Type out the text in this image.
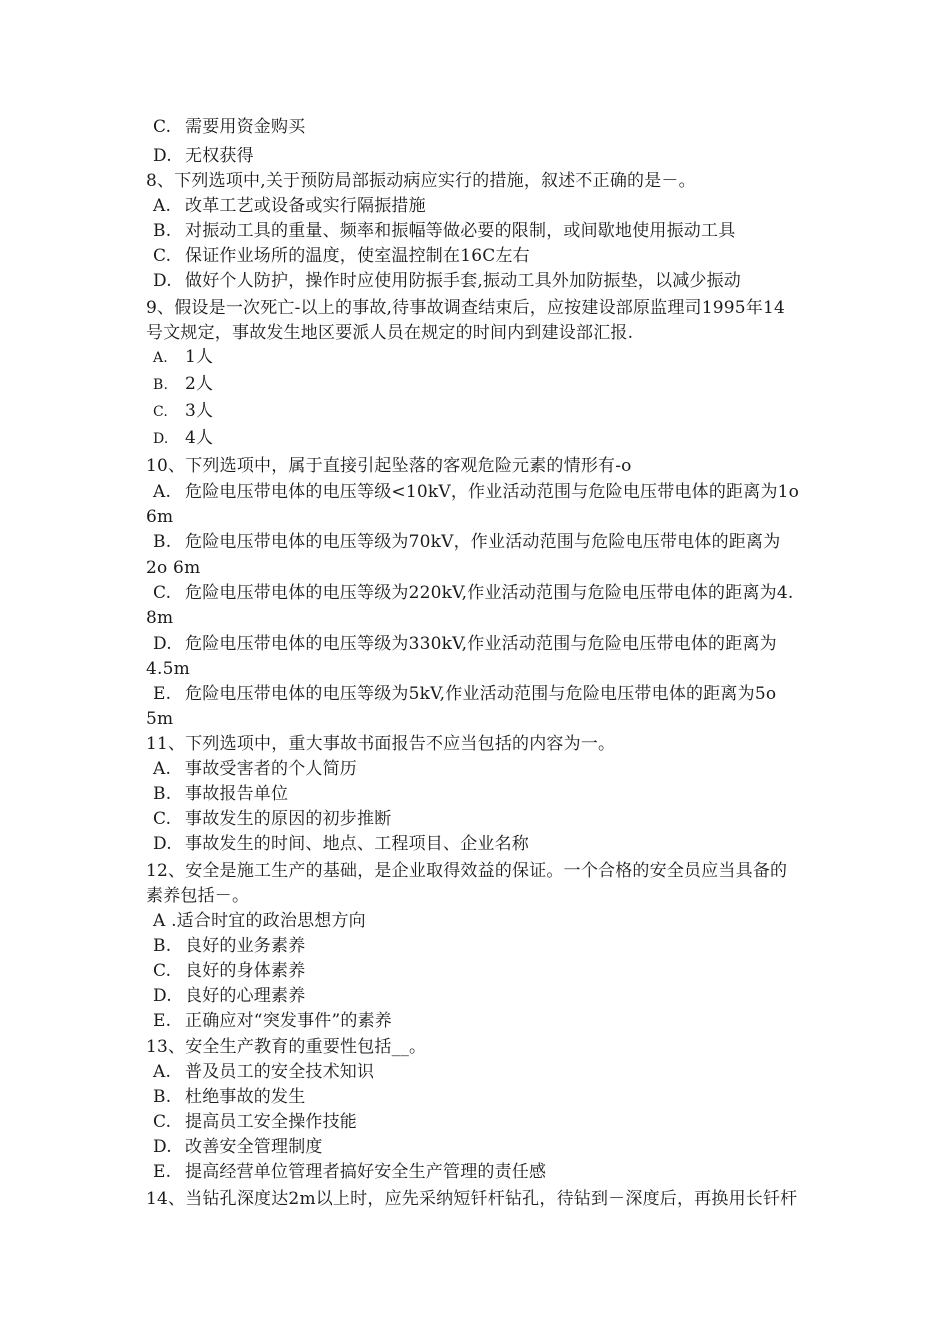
C. 需要用资金购买
D. 无权获得
8、下列选项中,关于预防局部振动病应实行的措施，叙述不正确的是－。
A. 改革工艺或设备或实行隔振措施
B. 对振动工具的重量、频率和振幅等做必要的限制，或间歇地使用振动工具
C. 保证作业场所的温度，使室温控制在16C左右
D. 做好个人防护，操作时应使用防振手套,振动工具外加防振垫，以减少振动
9、假设是一次死亡-以上的事故,待事故调查结束后，应按建设部原监理司1995年14
号文规定，事故发生地区要派人员在规定的时间内到建设部汇报.
A. 1人
B. 2人
C. 3人
D. 4人
10、下列选项中，属于直接引起坠落的客观危险元素的情形有-o
A. 危险电压带电体的电压等级<10kV，作业活动范围与危险电压带电体的距离为1o
6m
B. 危险电压带电体的电压等级为70kV，作业活动范围与危险电压带电体的距离为
2o 6m
C. 危险电压带电体的电压等级为220kV,作业活动范围与危险电压带电体的距离为4.
8m
D. 危险电压带电体的电压等级为330kV,作业活动范围与危险电压带电体的距离为
4.5m
E. 危险电压带电体的电压等级为5kV,作业活动范围与危险电压带电体的距离为5o
5m
11、下列选项中，重大事故书面报告不应当包括的内容为一。
A. 事故受害者的个人简历
B. 事故报告单位
C. 事故发生的原因的初步推断
D. 事故发生的时间、地点、工程项目、企业名称
12、安全是施工生产的基础，是企业取得效益的保证。一个合格的安全员应当具备的
素养包括－。
A .适合时宜的政治思想方向
B. 良好的业务素养
C. 良好的身体素养
D. 良好的心理素养
E. 正确应对“突发事件”的素养
13、安全生产教育的重要性包括__。
A. 普及员工的安全技术知识
B. 杜绝事故的发生
C. 提高员工安全操作技能
D. 改善安全管理制度
E. 提高经营单位管理者搞好安全生产管理的责任感
14、当钻孔深度达2m以上时，应先采纳短钎杆钻孔，待钻到－深度后，再换用长钎杆
